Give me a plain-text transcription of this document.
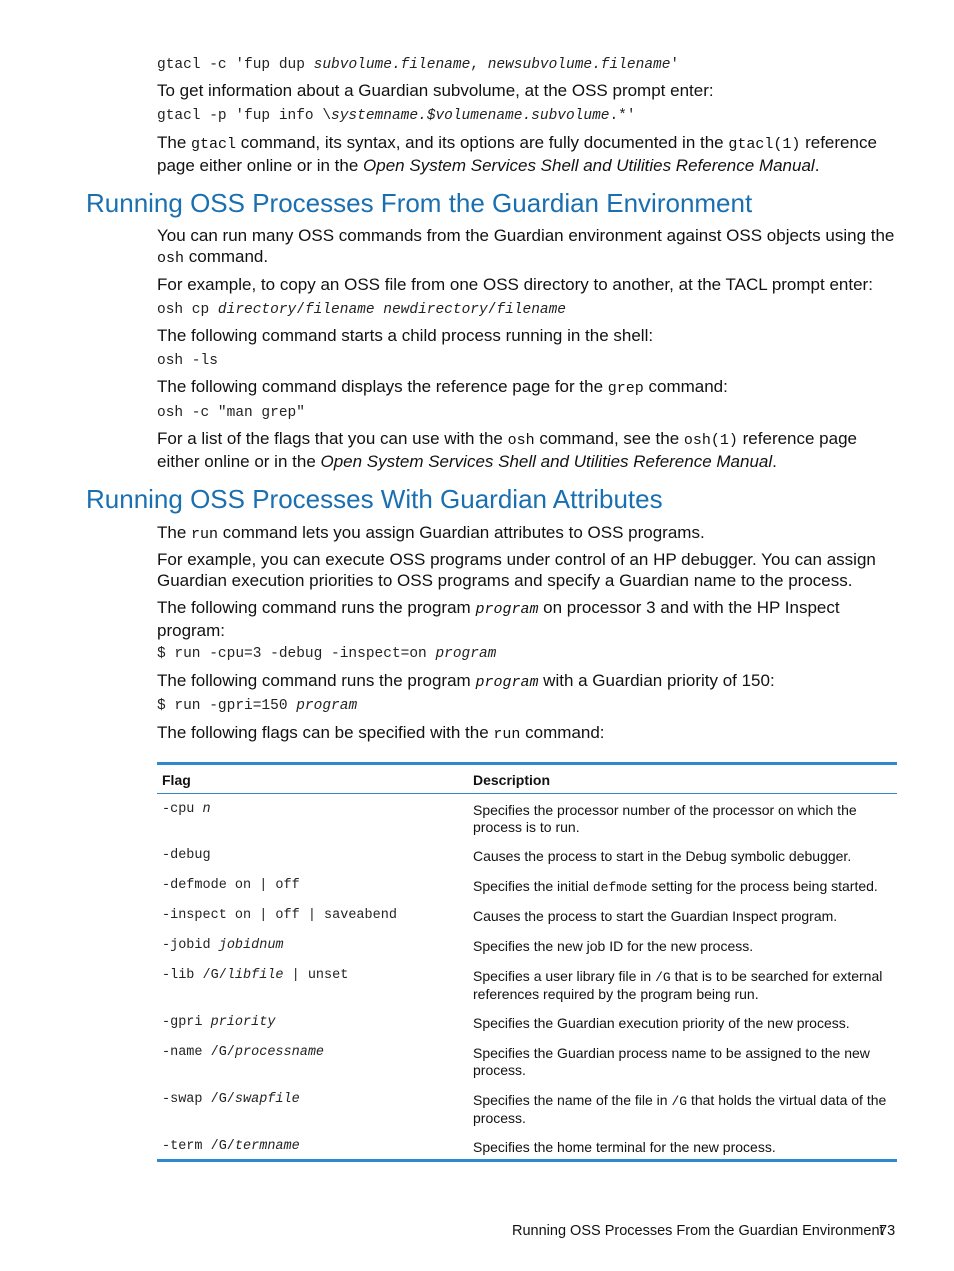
gtacl -c 'fup dup subvolume.filename, newsubvolume.filename'
To get information about a Guardian subvolume, at the OSS prompt enter:
gtacl -p 'fup info \systemname.$volumename.subvolume.*'
The gtacl command, its syntax, and its options are fully documented in the gtacl(1) reference page either online or in the Open System Services Shell and Utilities Reference Manual.
Running OSS Processes From the Guardian Environment
You can run many OSS commands from the Guardian environment against OSS objects using the osh command.
For example, to copy an OSS file from one OSS directory to another, at the TACL prompt enter:
osh cp directory/filename newdirectory/filename
The following command starts a child process running in the shell:
osh -ls
The following command displays the reference page for the grep command:
osh -c "man grep"
For a list of the flags that you can use with the osh command, see the osh(1) reference page either online or in the Open System Services Shell and Utilities Reference Manual.
Running OSS Processes With Guardian Attributes
The run command lets you assign Guardian attributes to OSS programs.
For example, you can execute OSS programs under control of an HP debugger. You can assign Guardian execution priorities to OSS programs and specify a Guardian name to the process.
The following command runs the program program on processor 3 and with the HP Inspect program:
$ run -cpu=3 -debug -inspect=on program
The following command runs the program program with a Guardian priority of 150:
$ run -gpri=150 program
The following flags can be specified with the run command:
Flag	Description
-cpu n	Specifies the processor number of the processor on which the process is to run.
-debug	Causes the process to start in the Debug symbolic debugger.
-defmode on | off	Specifies the initial defmode setting for the process being started.
-inspect on | off | saveabend	Causes the process to start the Guardian Inspect program.
-jobid jobidnum	Specifies the new job ID for the new process.
-lib /G/libfile | unset	Specifies a user library file in /G that is to be searched for external references required by the program being run.
-gpri priority	Specifies the Guardian execution priority of the new process.
-name /G/processname	Specifies the Guardian process name to be assigned to the new process.
-swap /G/swapfile	Specifies the name of the file in /G that holds the virtual data of the process.
-term /G/termname	Specifies the home terminal for the new process.
Running OSS Processes From the Guardian Environment
73
